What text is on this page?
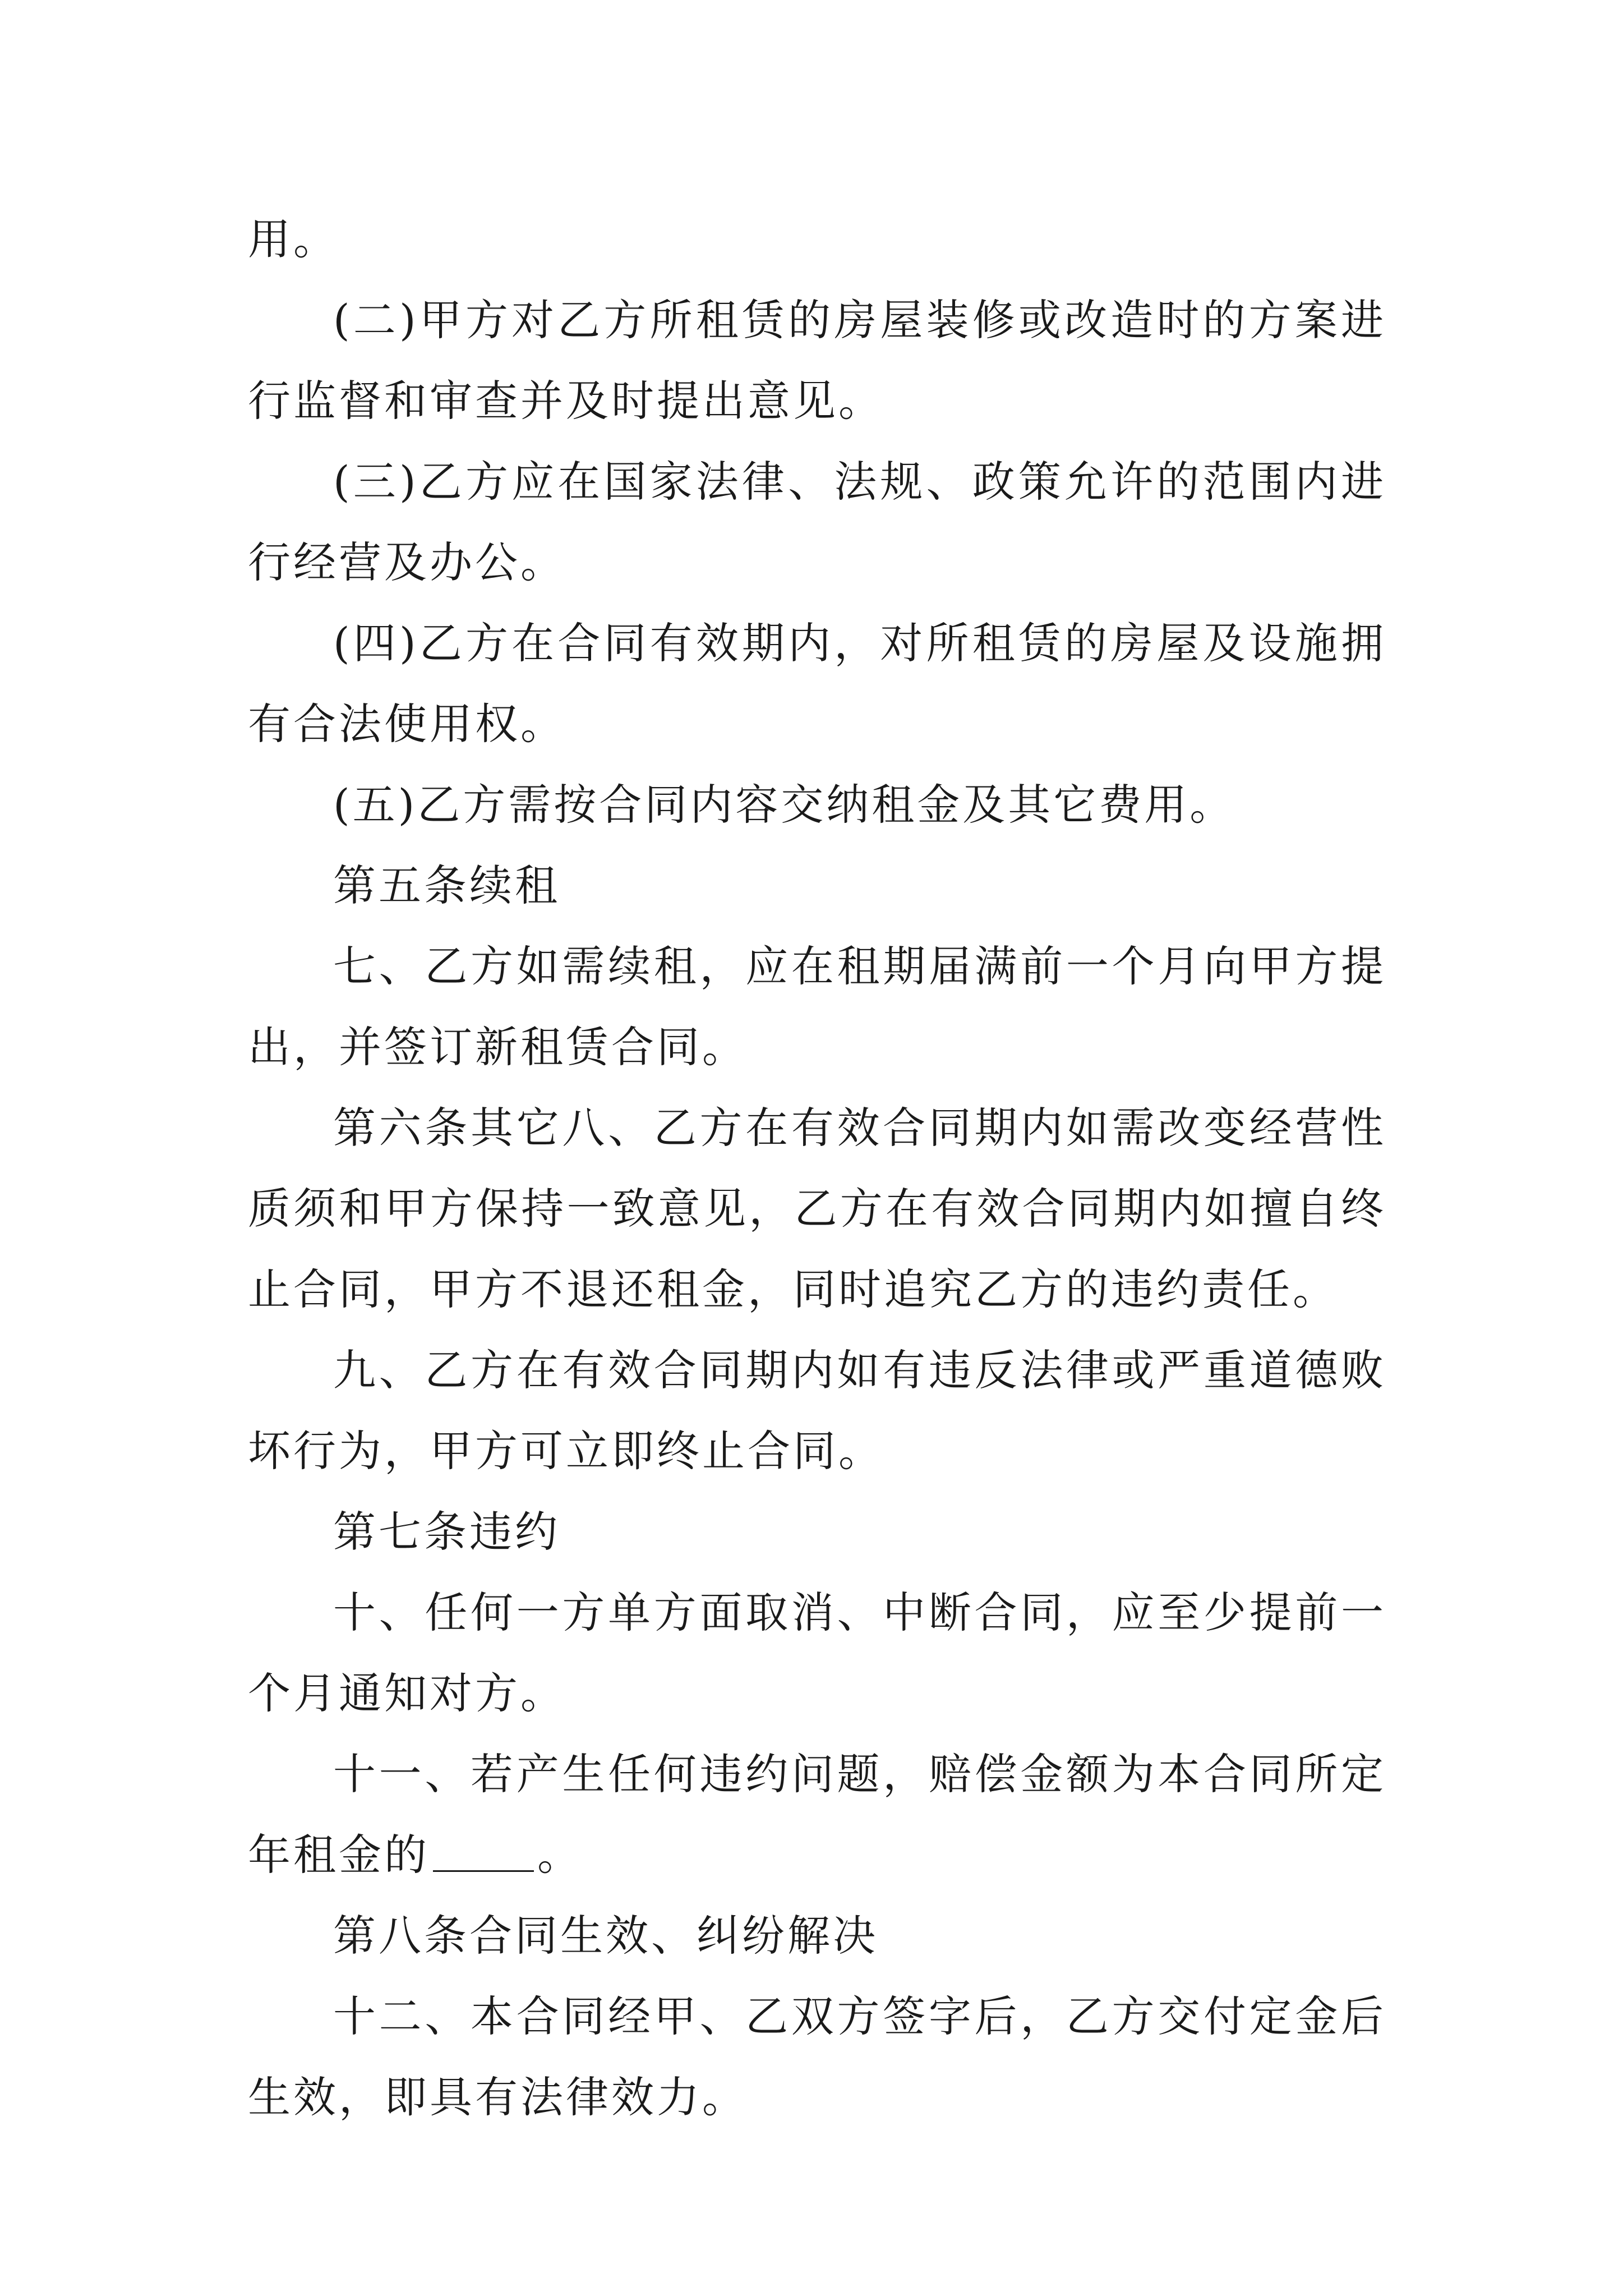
用。

(二)甲方对乙方所租赁的房屋装修或改造时的方案进行监督和审查并及时提出意见。

(三)乙方应在国家法律、法规、政策允许的范围内进行经营及办公。

(四)乙方在合同有效期内，对所租赁的房屋及设施拥有合法使用权。

(五)乙方需按合同内容交纳租金及其它费用。

第五条续租

七、乙方如需续租，应在租期届满前一个月向甲方提出，并签订新租赁合同。

第六条其它八、乙方在有效合同期内如需改变经营性质须和甲方保持一致意见，乙方在有效合同期内如擅自终止合同，甲方不退还租金，同时追究乙方的违约责任。

九、乙方在有效合同期内如有违反法律或严重道德败坏行为，甲方可立即终止合同。

第七条违约

十、任何一方单方面取消、中断合同，应至少提前一个月通知对方。

十一、若产生任何违约问题，赔偿金额为本合同所定年租金的	。

第八条合同生效、纠纷解决

十二、本合同经甲、乙双方签字后，乙方交付定金后生效，即具有法律效力。
